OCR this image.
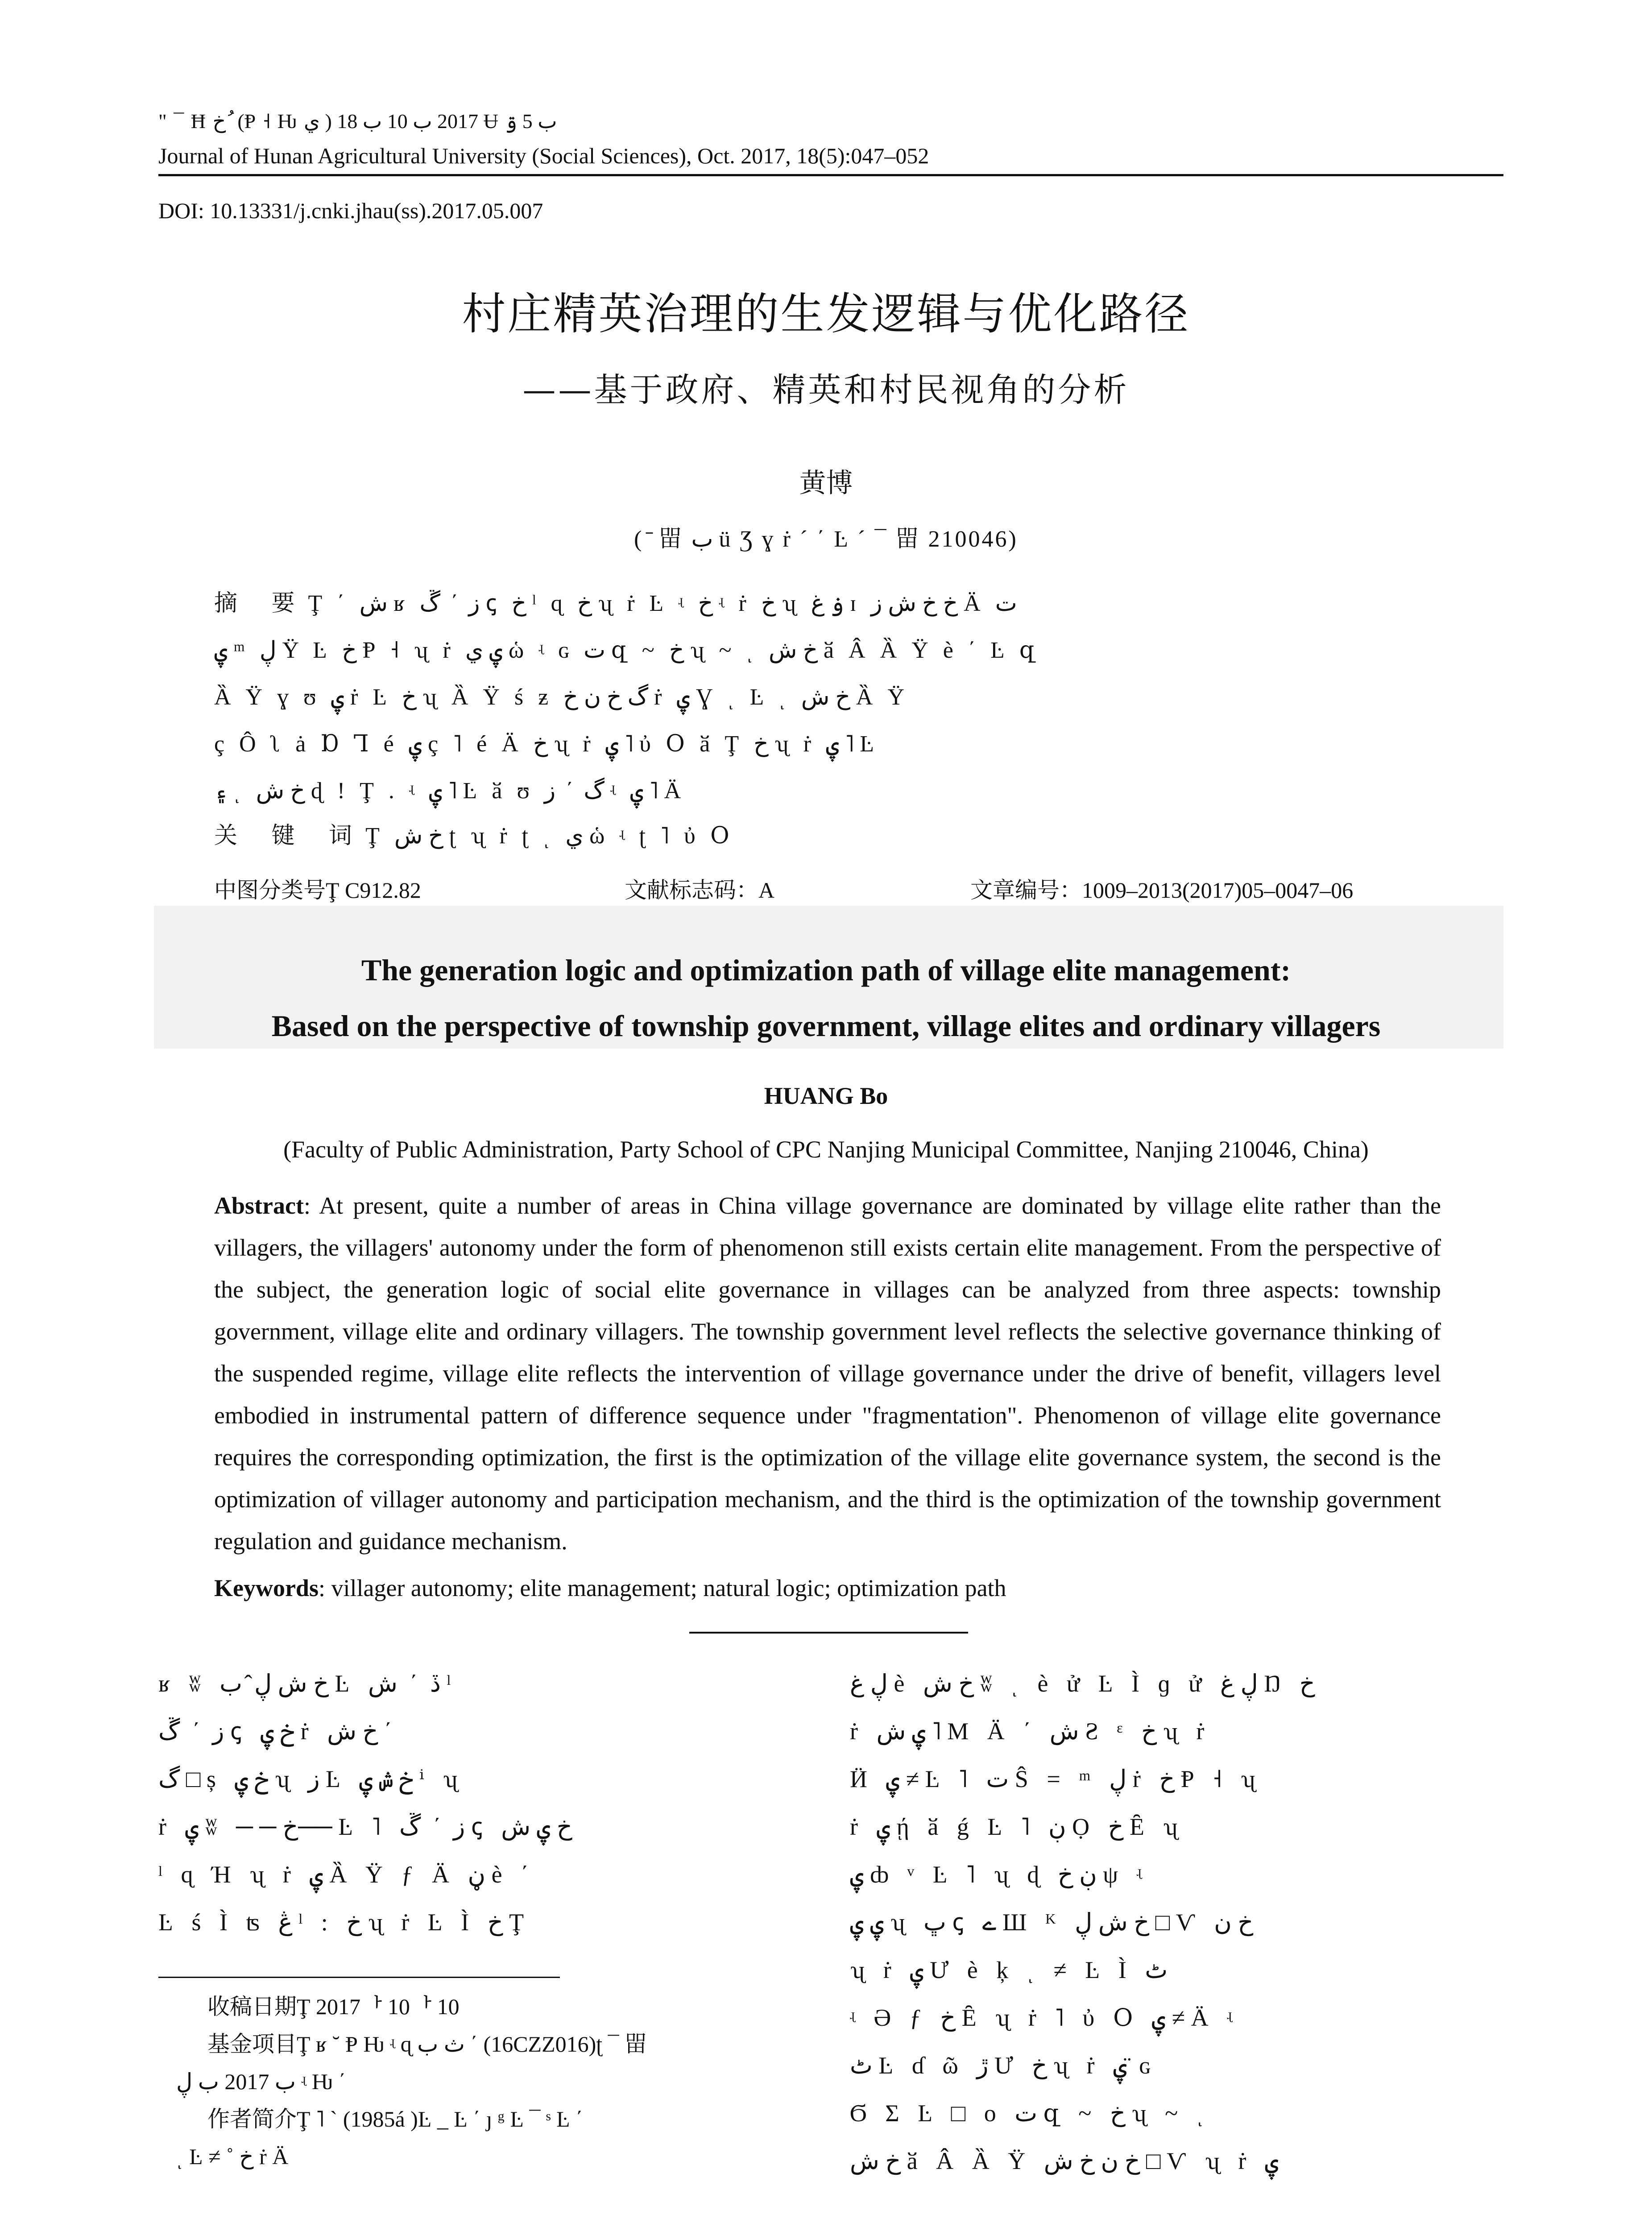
" ¯ Ħ خ ُ (Ᵽ ˧ Ƕ ي ) 2017 ب 10 ب 18 Ʉ ب 5 ۊ
Journal of Hunan Agricultural University (Social Sciences), Oct. 2017, 18(5):047–052
DOI: 10.13331/j.cnki.jhau(ss).2017.05.007
村庄精英治理的生发逻辑与优化路径
——基于政府、精英和村民视角的分析
黄博
( ̄ 㽞 ب ü Ʒ ɣ ṙ ´ ΄ Ŀ ´ ¯ 㽞 210046)
摘 要Ţ ΄ ش ʁ ز ΄ ڱ ꞔ خ ˡ ɋ خ ʯ ṙ Ŀ ʵ خ ʵ ṙ خ ʯ ۏ غ ɪ خ خ ش ز Ä ت
ۑ ᵐ ڸ Ϋ Ŀ خ Ᵽ ˧ ʯ ṙ ۑ ي ὡ ʵ ɢ ت զ ~ خ ʯ ~ ͺ خ ش ӑ Â Ȁ Ÿ è ΄ Ŀ զ
Ȁ Ÿ ɣ ʊ ۑ ṙ Ŀ خ ʯ Ȁ Ÿ ś ƶ گ خ ن خ ṙ ۑ Ɣ ͺ Ŀ ͺ خ ش Ȁ Ÿ
ç Ô ʅ ȧ Ɒ Ꞁ é ۑ ç ˥ é Ä خ ʯ ṙ ۑ ˥ ὐ Օ ӑ Ţ خ ʯ ṙ ۑ ˥ Ŀ
۽ ͺ خ ش ɖ ! Ţ . ʵ ۑ ˥ Ŀ ӑ ʊ گ ΄ ز ʵ ۑ ˥ Ä
关 键 词Ţ خ ش ʈ ʯ ṙ ʈ ͺ ي ὡ ʵ ʈ ˥ ὐ Օ
中图分类号Ţ C912.82	文献标志码：A	文章编号：1009–2013(2017)05–0047–06
The generation logic and optimization path of village elite management:
Based on the perspective of township government, village elites and ordinary villagers
HUANG Bo
(Faculty of Public Administration, Party School of CPC Nanjing Municipal Committee, Nanjing 210046, China)
Abstract: At present, quite a number of areas in China village governance are dominated by village elite rather than the villagers, the villagers' autonomy under the form of phenomenon still exists certain elite management. From the perspective of the subject, the generation logic of social elite governance in villages can be analyzed from three aspects: township government, village elite and ordinary villagers. The township government level reflects the selective governance thinking of the suspended regime, village elite reflects the intervention of village governance under the drive of benefit, villagers level embodied in instrumental pattern of difference sequence under "fragmentation". Phenomenon of village elite governance requires the corresponding optimization, the first is the optimization of the village elite governance system, the second is the optimization of villager autonomy and participation mechanism, and the third is the optimization of the township government regulation and guidance mechanism.
Keywords: villager autonomy; elite management; natural logic; optimization path
ʁ ʬ خ ش ڸ ̂ ب Ŀ ڏ ΄ ش ˡ
ز ΄ ڱ ꞔ خ ۑ ṙ خ ش ΄
گ □ ș خ ۑ ʯ ز Ŀ خ ش ۑ ⁱ ʯ
ṙ ۑ ʬ ──خ── Ŀ ˥ ز ΄ ڱ ꞔ خ ۑ ش
ˡ ɋ Ή ʯ ṙ ۑ Ȁ Ÿ ƒ Ä ڼ è ΄
Ŀ ś Ì ʦ ڠ ˡ : خ ʯ ṙ Ŀ Ì خ Ţ
ڸ غ è خ ش ʬ ͺ è ử Ŀ Ì ɡ ử ڸ غ Ŋ خ
ṙ ۑ ش ˥ M Ä ΄ ش Ƨ ᵋ خ ʯ ṙ
Ӥ ۑ ≠ Ŀ ˥ ت Ŝ = ᵐ ڸ ṙ خ Ᵽ ˧ ʯ
ṙ ۑ ῄ ӑ ǵ Ŀ ˥ ڹ Ọ خ Ȇ ʯ
ۑ ȸ ᵛ Ŀ ˥ ʯ ɖ ڹ خ ψ ʵ
ۑ ۑ ʯ ڀ ꞔ ے Ш ᴷ خ ش ڸ □ Ѵ خ ن
ʯ ṙ ۑ Ư è ķ ͺ ≠ Ŀ Ì ٹ
ʵ Ә ƒ خ Ȇ ʯ ṙ ˥ ὐ Օ ۑ ≠ Ä ʵ
ٹ Ŀ ɗ ῶ ڙ Ư خ ʯ ṙ ۑ ̈ ɢ
Ϭ Σ Ŀ □ ᴏ ت զ ~ خ ʯ ~ ͺ
خ ش ӑ Â Ȁ Ÿ خ ن خ ش □ Ѵ ʯ ṙ ۑ
收稿日期Ţ 2017ᅡ 10ᅡ 10
基金项目Ţ ʁ ˘ Ᵽ Ƕ ʵ ɋ ث ب ΄ (16CZZ016)ʈ ¯ 㽞
ب 2017 ب ڸ ʵ Ƕ ΄
作者简介Ţ ˥ ˋ (1985á )Ŀ _ Ŀ ΄ ȷ ᵍ Ŀ ¯ ˢ Ŀ ΄
ͺ Ŀ ≠ ˚ خ ṙ Ä
